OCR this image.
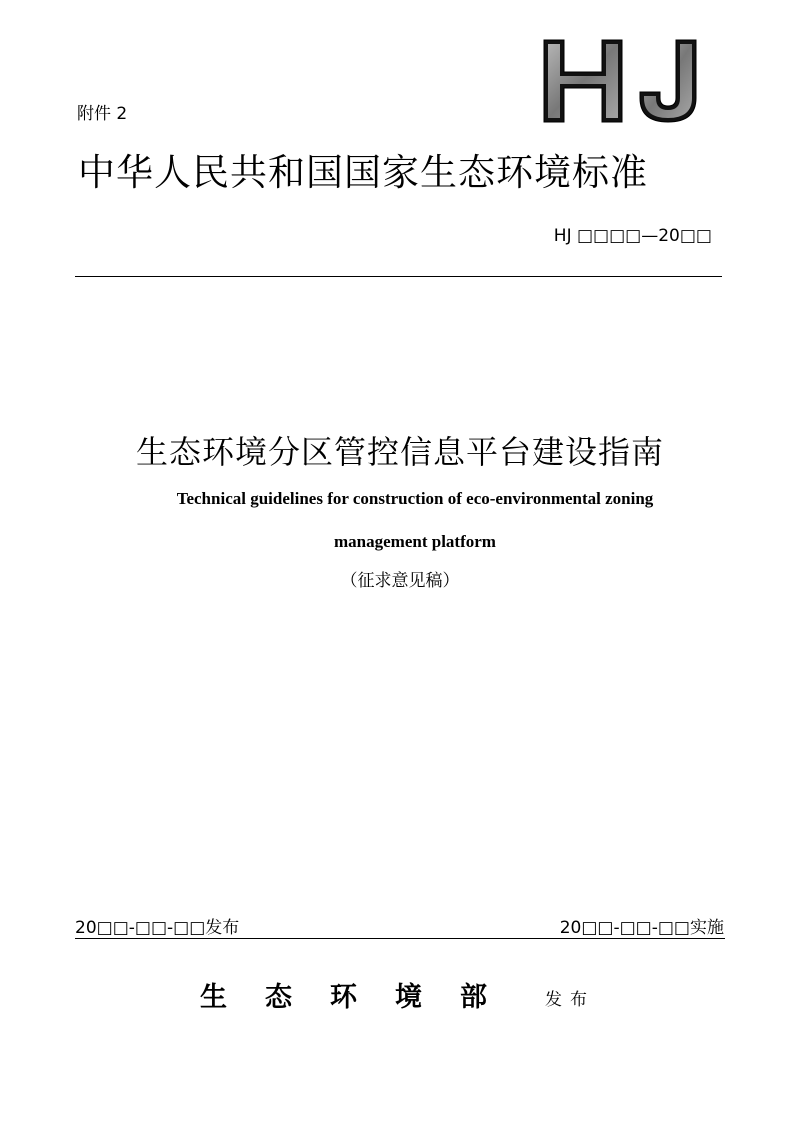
附件 2
中华人民共和国国家生态环境标准
HJ □□□□—20□□
生态环境分区管控信息平台建设指南
Technical guidelines for construction of eco-environmental zoning
management platform
（征求意见稿）
20□□-□□-□□发布	20□□-□□-□□实施
生态环境部 发布
